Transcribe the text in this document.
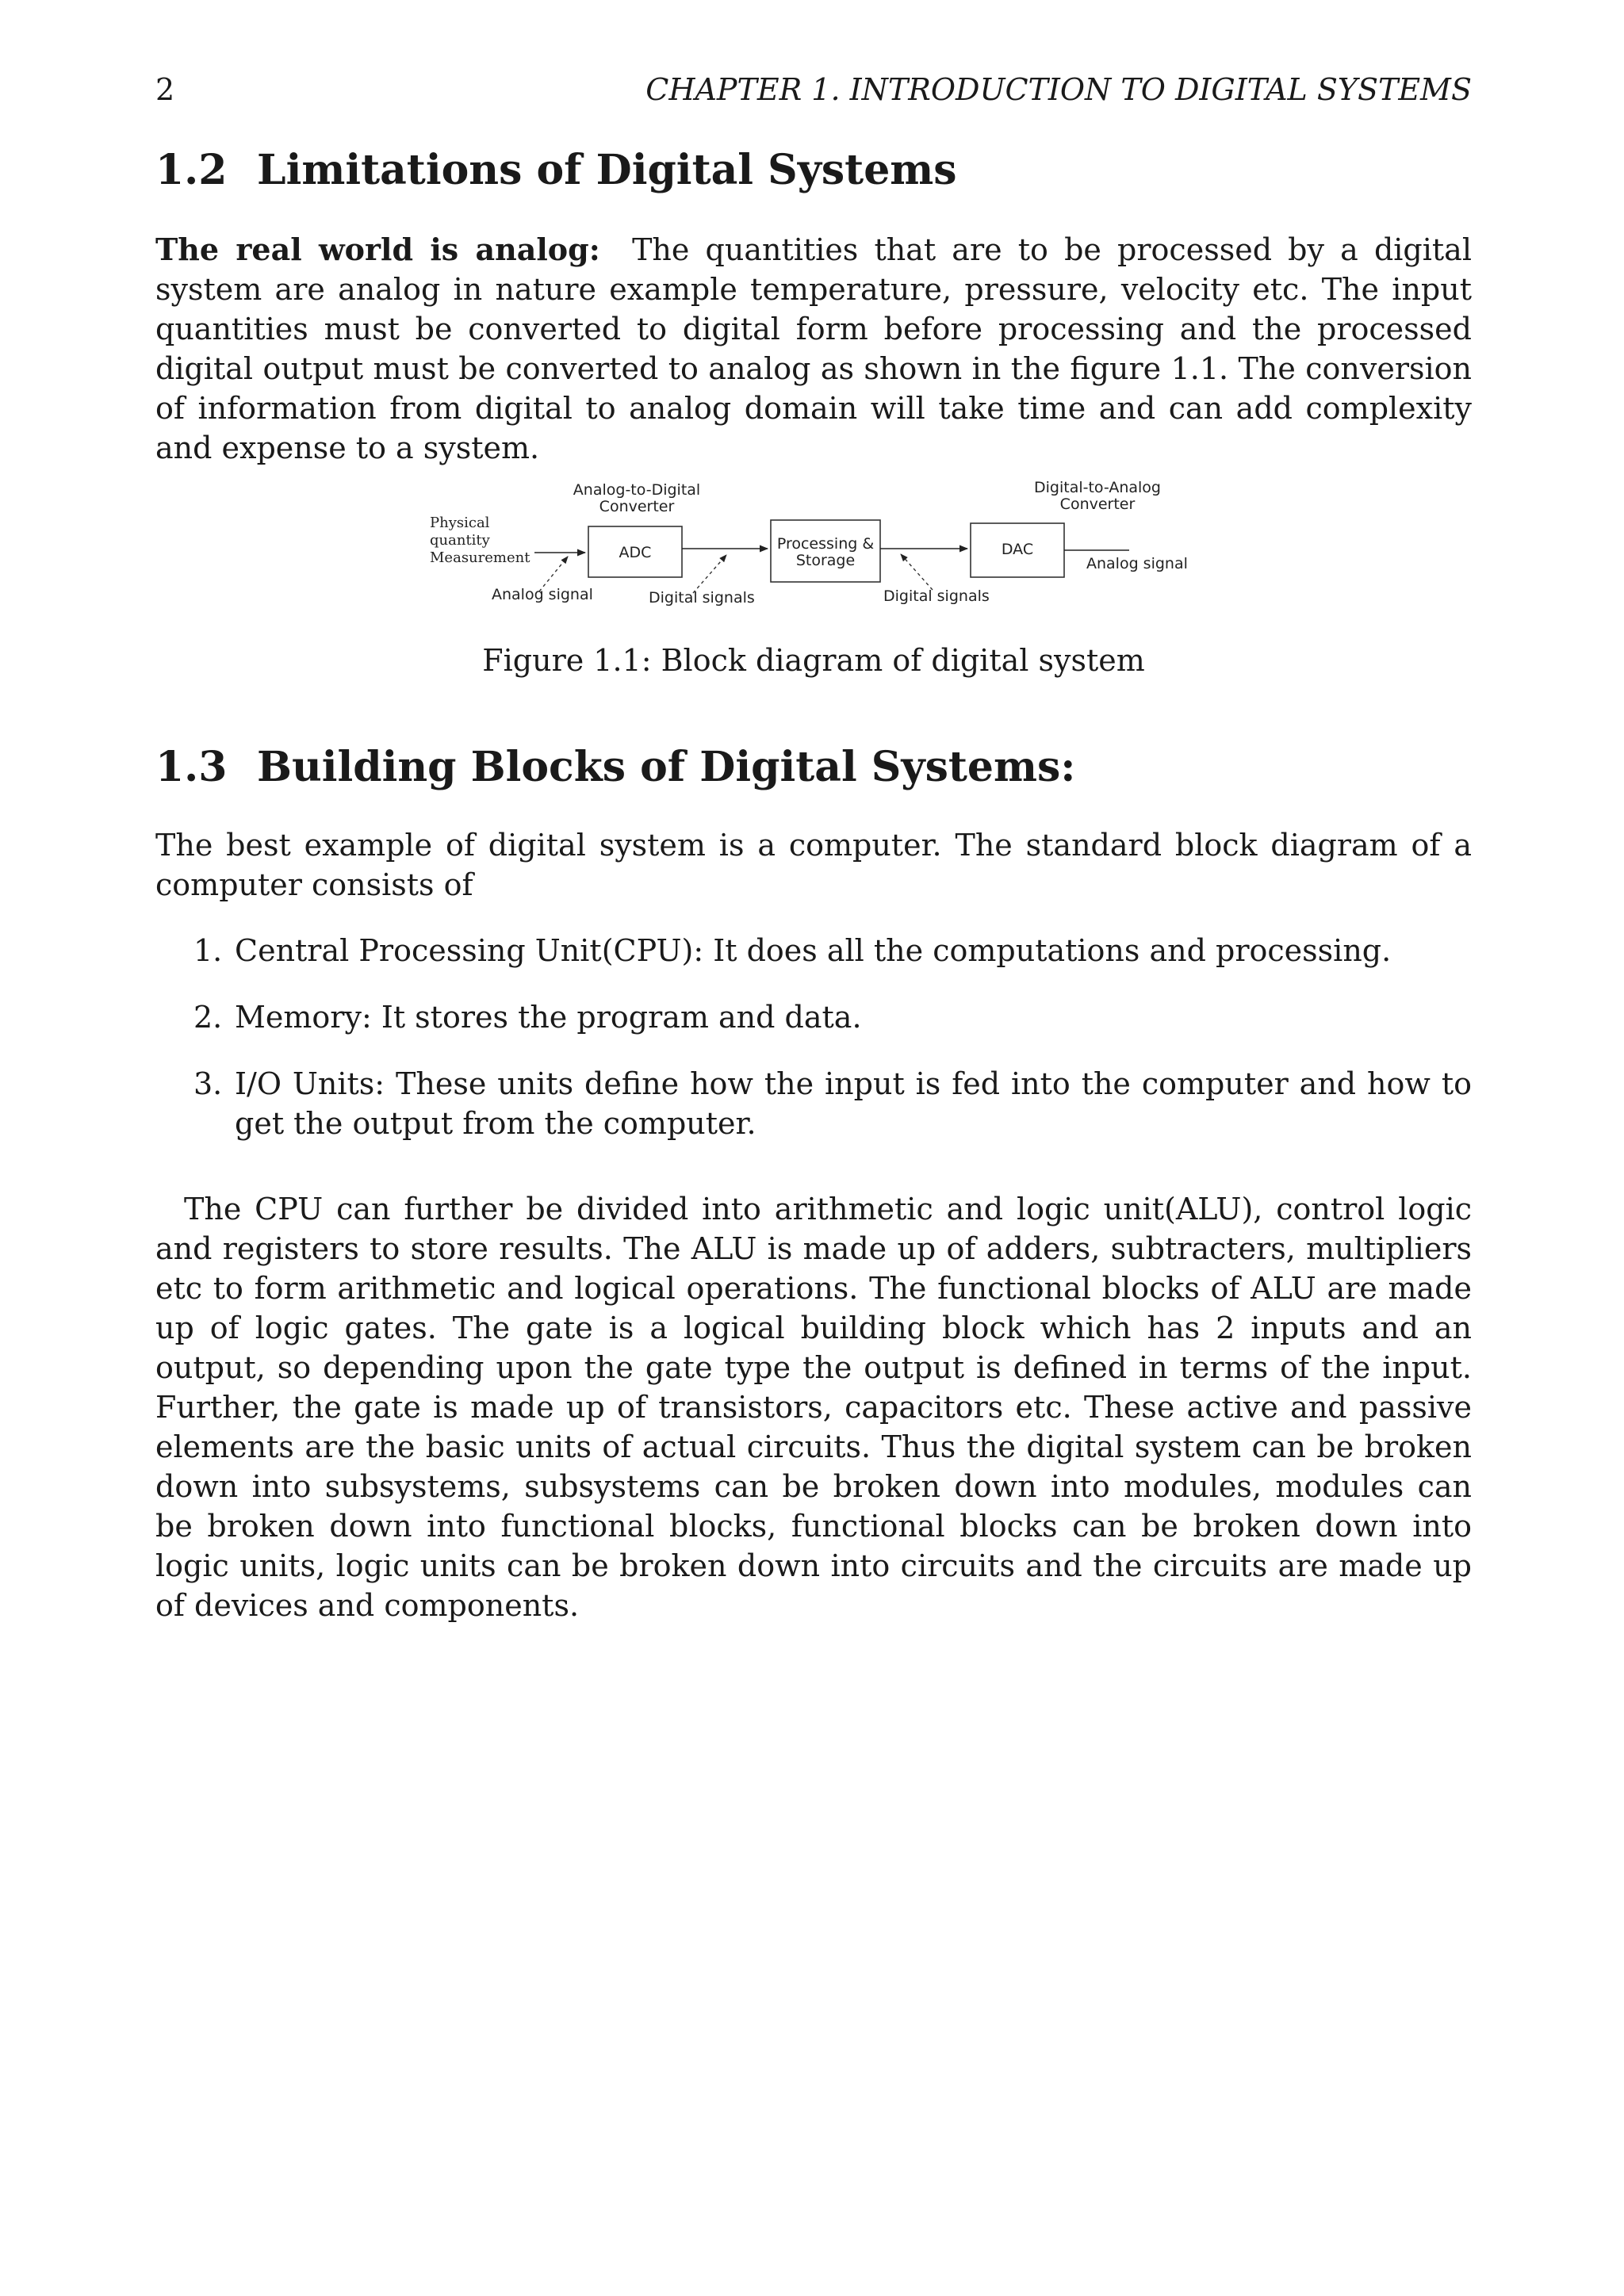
2	CHAPTER 1. INTRODUCTION TO DIGITAL SYSTEMS
1.2 Limitations of Digital Systems

The real world is analog: The quantities that are to be processed by a digital system are analog in nature example temperature, pressure, velocity etc. The input quantities must be converted to digital form before processing and the processed digital output must be converted to analog as shown in the figure 1.1. The conversion of information from digital to analog domain will take time and can add complexity and expense to a system.

Analog-to-Digital
Converter
Digital-to-Analog
Converter
Physical
quantity
Measurement	ADC	Processing &
Storage
DAC
Analog signal
Analog signal	Digital signals	Digital signals
Figure 1.1: Block diagram of digital system
1.3 Building Blocks of Digital Systems:

The best example of digital system is a computer. The standard block diagram of a computer consists of

1. Central Processing Unit(CPU): It does all the computations and processing.
2. Memory: It stores the program and data.
3. I/O Units: These units define how the input is fed into the computer and how to get the output from the computer.

The CPU can further be divided into arithmetic and logic unit(ALU), control logic and registers to store results. The ALU is made up of adders, subtracters, multipliers etc to form arithmetic and logical operations. The functional blocks of ALU are made up of logic gates. The gate is a logical building block which has 2 inputs and an output, so depending upon the gate type the output is defined in terms of the input. Further, the gate is made up of transistors, capacitors etc. These active and passive elements are the basic units of actual circuits. Thus the digital system can be broken down into subsystems, subsystems can be broken down into modules, modules can be broken down into functional blocks, functional blocks can be broken down into logic units, logic units can be broken down into circuits and the circuits are made up of devices and components.
